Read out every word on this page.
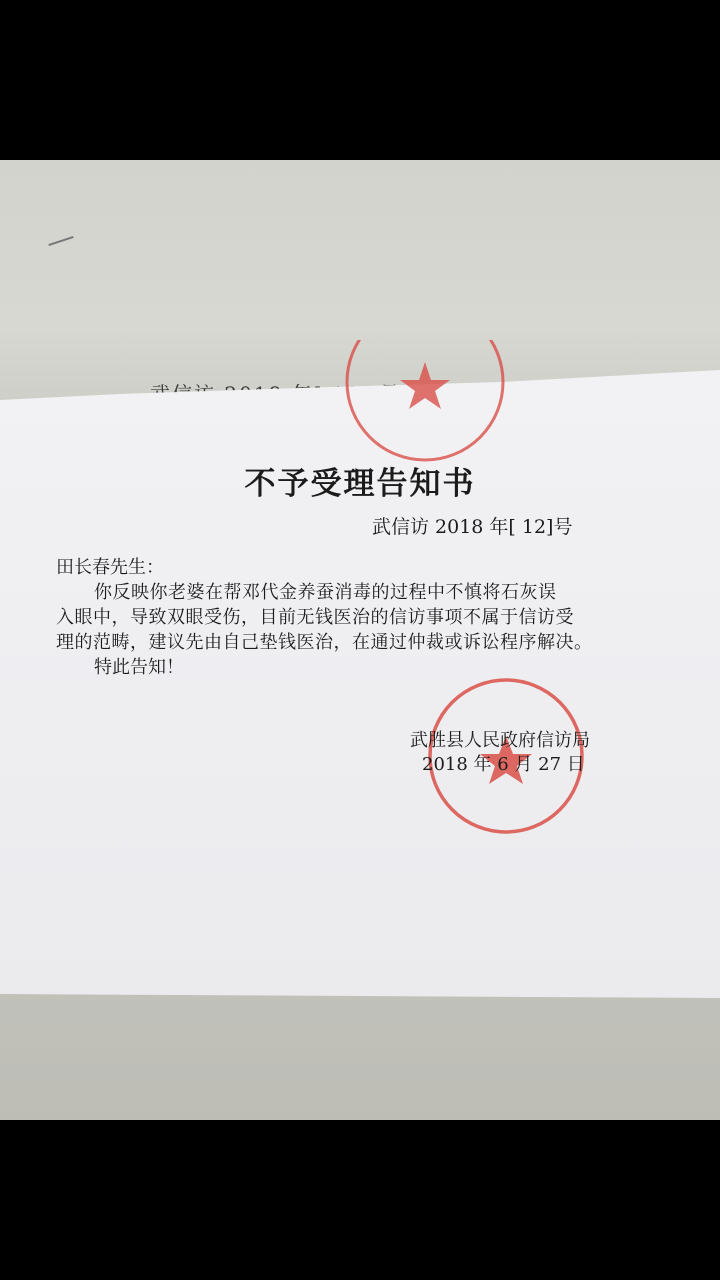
不予受理告知书
武信访 2018 年[ 12]号
田长春先生：
你反映你老婆在帮邓代金养蚕消毒的过程中不慎将石灰误
入眼中，导致双眼受伤，目前无钱医治的信访事项不属于信访受
理的范畴，建议先由自己垫钱医治，在通过仲裁或诉讼程序解决。
特此告知！
武胜县人民政府信访局
2018 年 6 月 27 日
